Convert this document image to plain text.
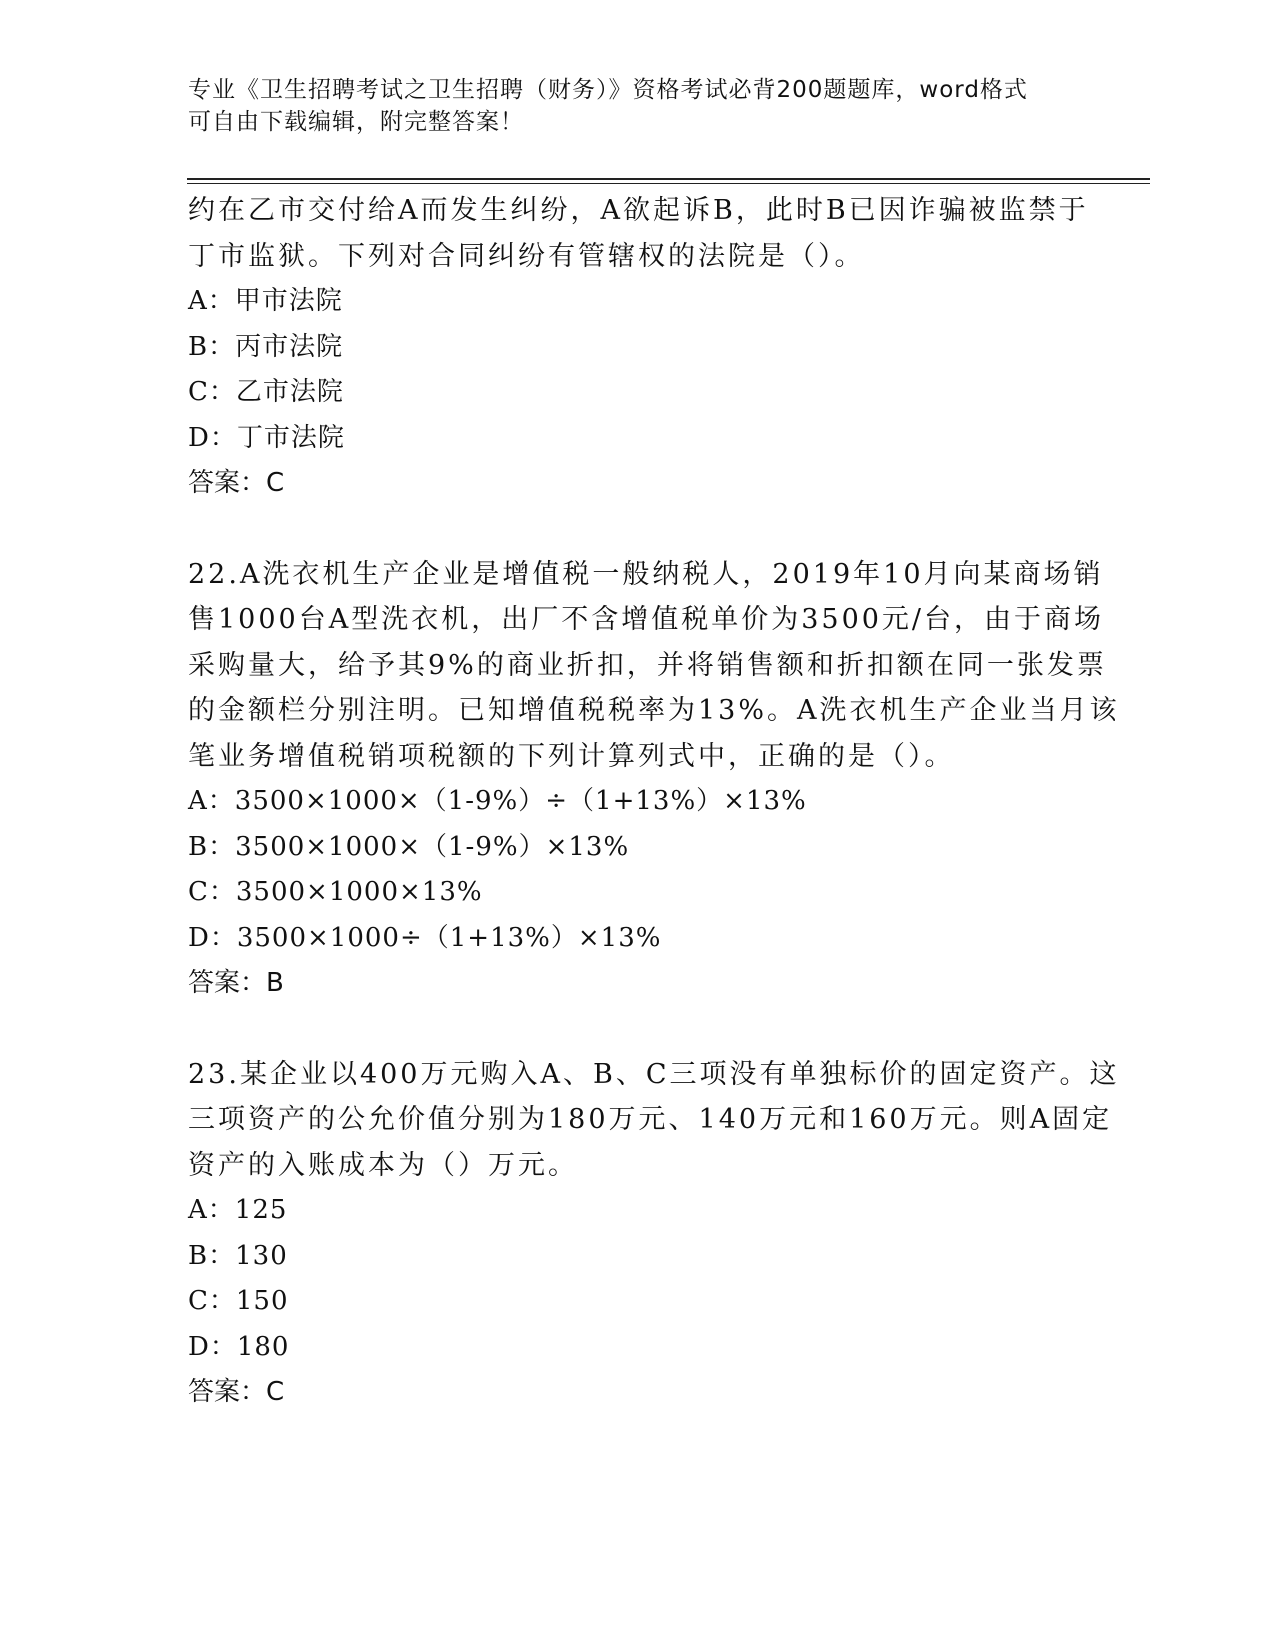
专业《卫生招聘考试之卫生招聘（财务）》资格考试必背200题题库，word格式
可自由下载编辑，附完整答案！
约在乙市交付给A而发生纠纷，A欲起诉B，此时B已因诈骗被监禁于
丁市监狱。下列对合同纠纷有管辖权的法院是（）。
A：甲市法院
B：丙市法院
C：乙市法院
D：丁市法院
答案：C
22.A洗衣机生产企业是增值税一般纳税人，2019年10月向某商场销
售1000台A型洗衣机，出厂不含增值税单价为3500元/台，由于商场
采购量大，给予其9%的商业折扣，并将销售额和折扣额在同一张发票
的金额栏分别注明。已知增值税税率为13%。A洗衣机生产企业当月该
笔业务增值税销项税额的下列计算列式中，正确的是（）。
A：3500×1000×（1-9%）÷（1+13%）×13%
B：3500×1000×（1-9%）×13%
C：3500×1000×13%
D：3500×1000÷（1+13%）×13%
答案：B
23.某企业以400万元购入A、B、C三项没有单独标价的固定资产。这
三项资产的公允价值分别为180万元、140万元和160万元。则A固定
资产的入账成本为（）万元。
A：125
B：130
C：150
D：180
答案：C
